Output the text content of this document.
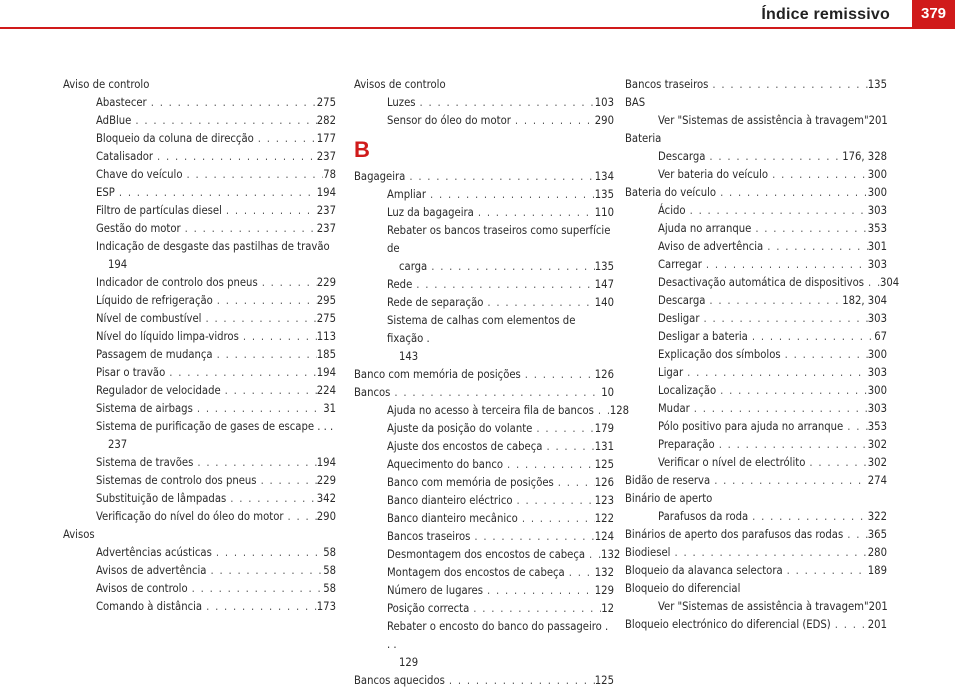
Índice remissivo	379
Aviso de controlo
Abastecer . . .	275
AdBlue . . .	282
Bloqueio da coluna de direcção . . .	177
Catalisador . . .	237
Chave do veículo . . .	78
ESP . . .	194
Filtro de partículas diesel . . .	237
Gestão do motor . . .	237
Indicação de desgaste das pastilhas de travão
194
Indicador de controlo dos pneus . . .	229
Líquido de refrigeração . . .	295
Nível de combustível . . .	275
Nível do líquido limpa-vidros . . .	113
Passagem de mudança . . .	185
Pisar o travão . . .	194
Regulador de velocidade . . .	224
Sistema de airbags . . .	31
Sistema de purificação de gases de escape . . .
237
Sistema de travões . . .	194
Sistemas de controlo dos pneus . . .	229
Substituição de lâmpadas . . .	342
Verificação do nível do óleo do motor . . .	290
Avisos
Advertências acústicas . . .	58
Avisos de advertência . . .	58
Avisos de controlo . . .	58
Comando à distância . . .	173
Avisos de controlo
Luzes . . .	103
Sensor do óleo do motor . . .	290
B
Bagageira . . .	134
Ampliar . . .	135
Luz da bagageira . . .	110
Rebater os bancos traseiros como superfície de
carga . . .	135
Rede . . .	147
Rede de separação . . .	140
Sistema de calhas com elementos de fixação .
143
Banco com memória de posições . . .	126
Bancos . . .	10
Ajuda no acesso à terceira fila de bancos . . . 128
Ajuste da posição do volante . . .	179
Ajuste dos encostos de cabeça . . .	131
Aquecimento do banco . . .	125
Banco com memória de posições . . .	126
Banco dianteiro eléctrico . . .	123
Banco dianteiro mecânico . . .	122
Bancos traseiros . . .	124
Desmontagem dos encostos de cabeça . . . 132
Montagem dos encostos de cabeça . . .	132
Número de lugares . . .	129
Posição correcta . . .	12
Rebater o encosto do banco do passageiro . . .
129
Bancos aquecidos . . .	125
Bancos traseiros . . .	135
BAS
Ver "Sistemas de assistência à travagem" 201
Bateria
Descarga . . .	176, 328
Ver bateria do veículo . . .	300
Bateria do veículo . . .	300
Ácido . . .	303
Ajuda no arranque . . .	353
Aviso de advertência . . .	301
Carregar . . .	303
Desactivação automática de dispositivos . . . 304
Descarga . . .	182, 304
Desligar . . .	303
Desligar a bateria . . .	67
Explicação dos símbolos . . .	300
Ligar . . .	303
Localização . . .	300
Mudar . . .	303
Pólo positivo para ajuda no arranque . . . 353
Preparação . . .	302
Verificar o nível de electrólito . . .	302
Bidão de reserva . . .	274
Binário de aperto
Parafusos da roda . . .	322
Binários de aperto dos parafusos das rodas . . . 365
Biodiesel . . .	280
Bloqueio da alavanca selectora . . .	189
Bloqueio do diferencial
Ver "Sistemas de assistência à travagem" 201
Bloqueio electrónico do diferencial (EDS) . . .	201
